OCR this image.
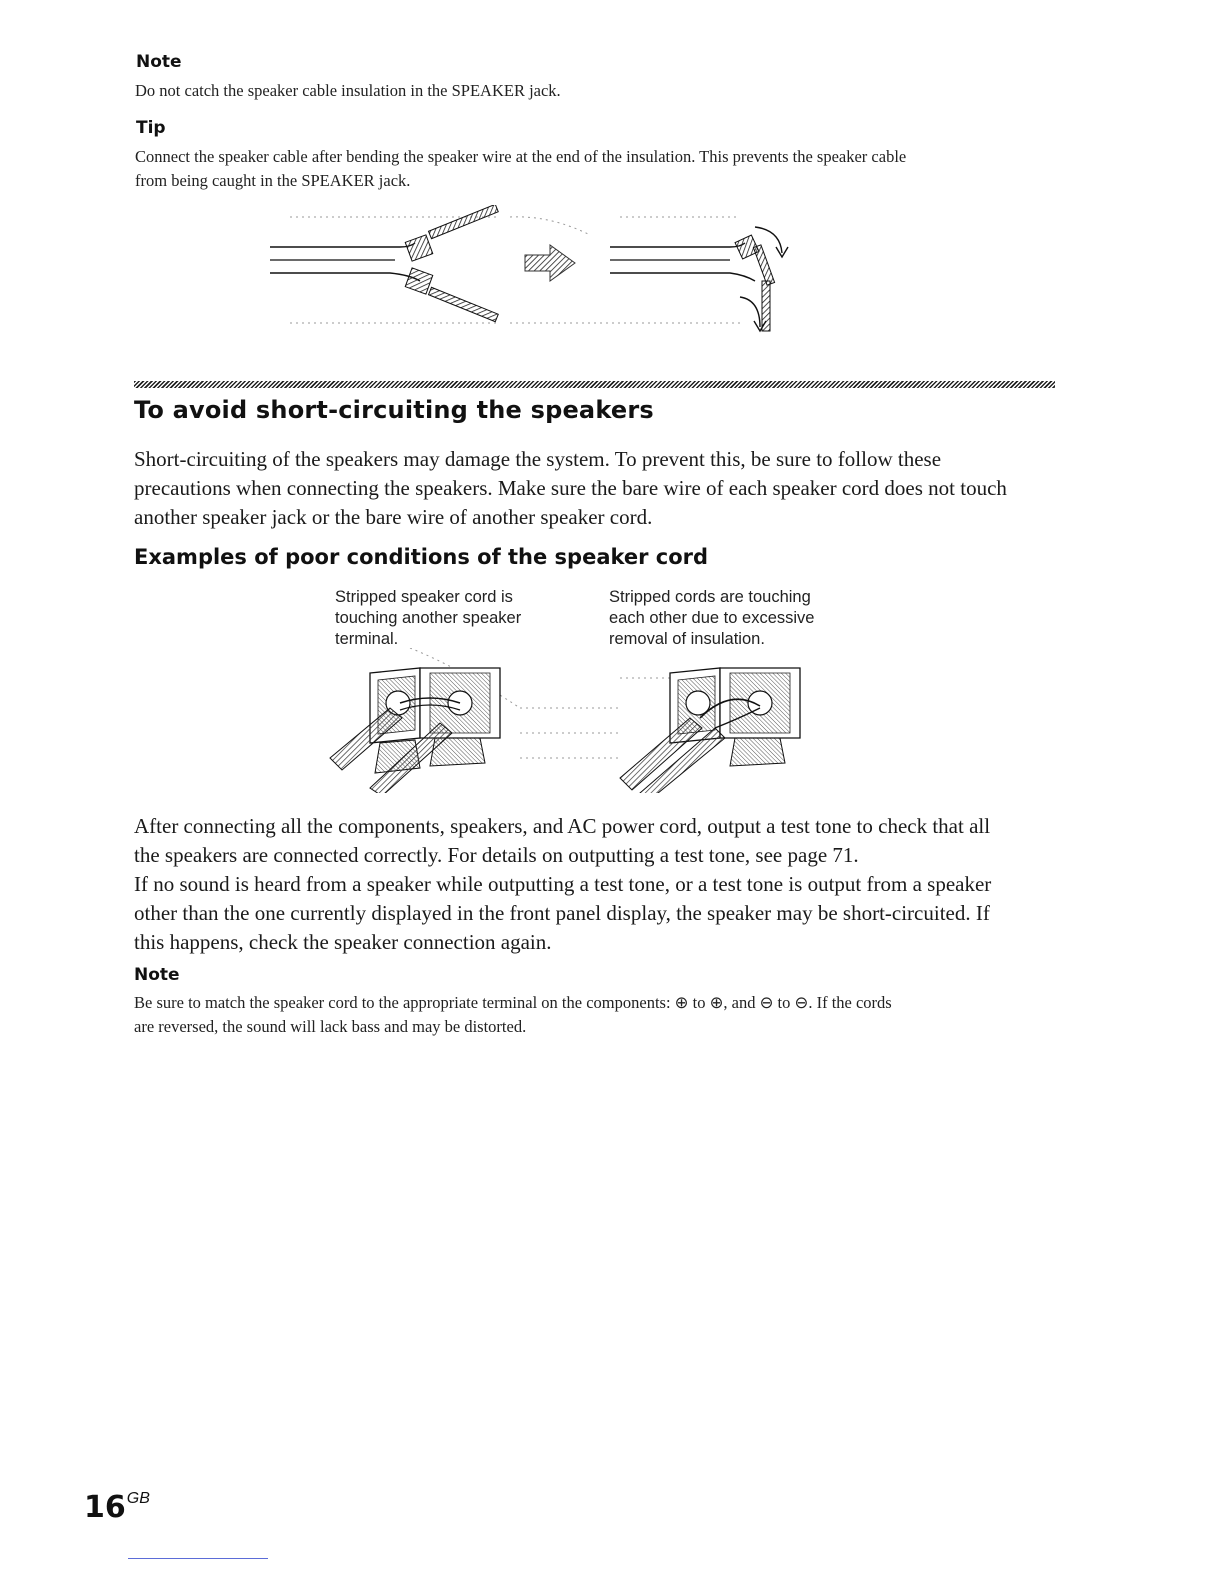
Note
Do not catch the speaker cable insulation in the SPEAKER jack.
Tip
Connect the speaker cable after bending the speaker wire at the end of the insulation. This prevents the speaker cable
from being caught in the SPEAKER jack.
To avoid short-circuiting the speakers
Short-circuiting of the speakers may damage the system. To prevent this, be sure to follow these
precautions when connecting the speakers. Make sure the bare wire of each speaker cord does not touch
another speaker jack or the bare wire of another speaker cord.
Examples of poor conditions of the speaker cord
Stripped speaker cord is
touching another speaker
terminal.
Stripped cords are touching
each other due to excessive
removal of insulation.
After connecting all the components, speakers, and AC power cord, output a test tone to check that all
the speakers are connected correctly. For details on outputting a test tone, see page 71.
If no sound is heard from a speaker while outputting a test tone, or a test tone is output from a speaker
other than the one currently displayed in the front panel display, the speaker may be short-circuited. If
this happens, check the speaker connection again.
Note
Be sure to match the speaker cord to the appropriate terminal on the components: ⊕ to ⊕, and ⊖ to ⊖. If the cords
are reversed, the sound will lack bass and may be distorted.
$16^{GB}$
